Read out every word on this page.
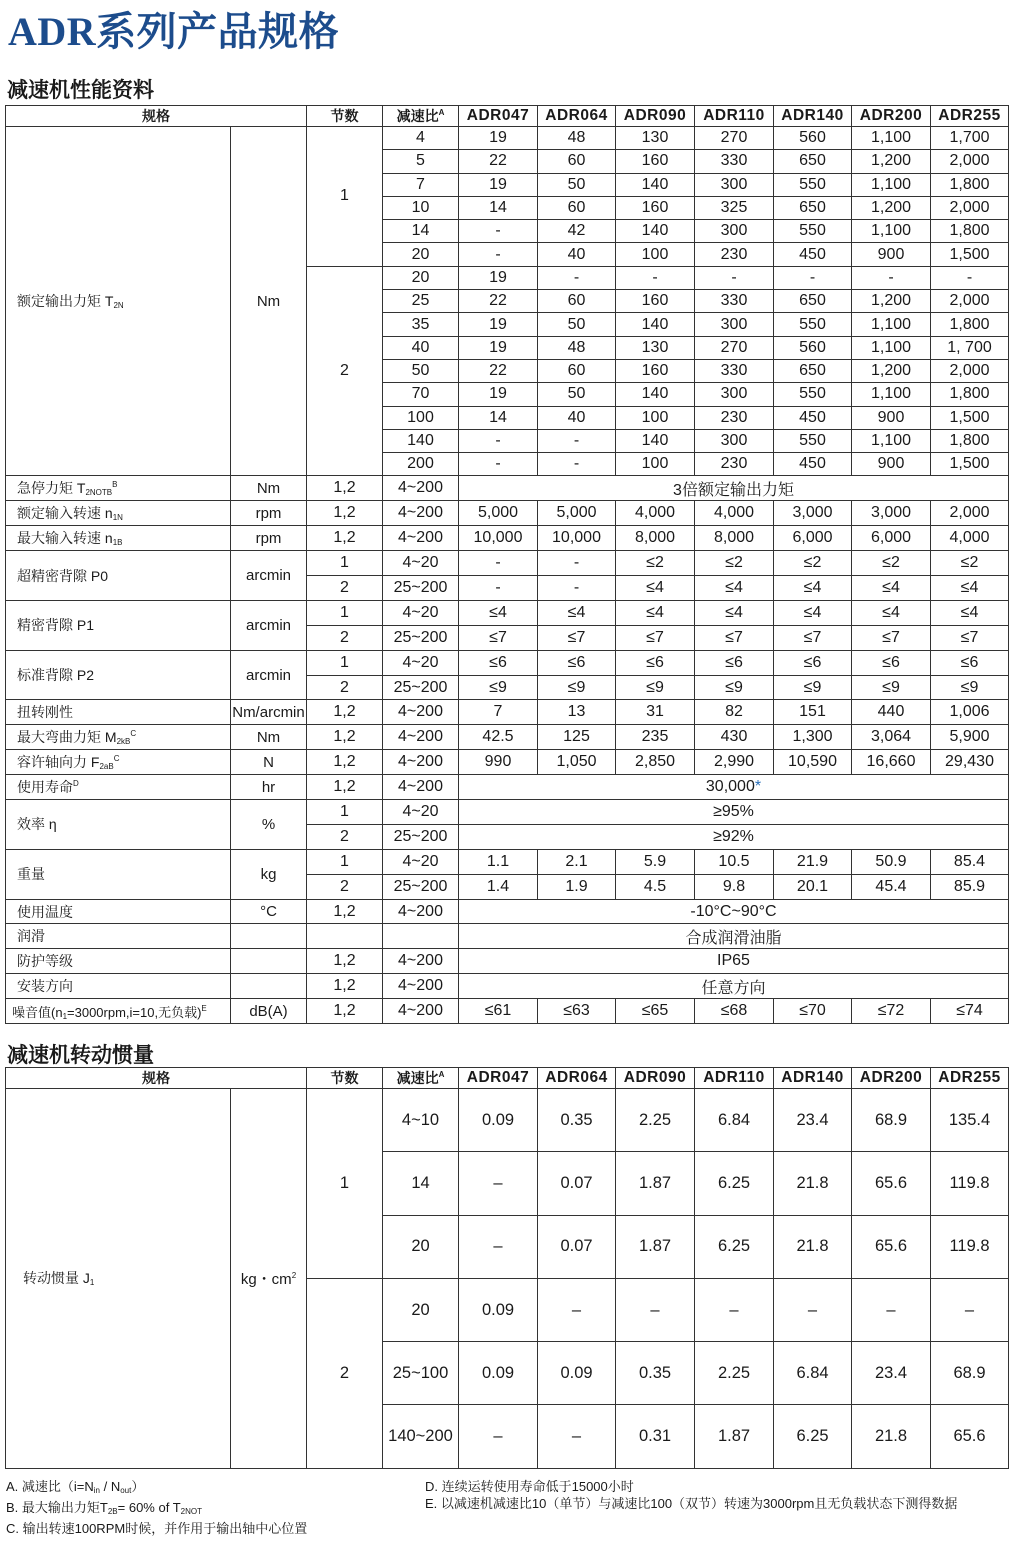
ADR系列产品规格
减速机性能资料
规格		节数	减速比$^A$	ADR047	ADR064	ADR090	ADR110	ADR140	ADR200	ADR255
额定输出力矩 $T_{2N}$	Nm	1	4	19	48	130	270	560	1,100	1,700
			5	22	60	160	330	650	1,200	2,000
			7	19	50	140	300	550	1,100	1,800
			10	14	60	160	325	650	1,200	2,000
			14	-	42	140	300	550	1,100	1,800
			20	-	40	100	230	450	900	1,500
		2	20	19	-	-	-	-	-	-
			25	22	60	160	330	650	1,200	2,000
			35	19	50	140	300	550	1,100	1,800
			40	19	48	130	270	560	1,100	1, 700
			50	22	60	160	330	650	1,200	2,000
			70	19	50	140	300	550	1,100	1,800
			100	14	40	100	230	450	900	1,500
			140	-	-	140	300	550	1,100	1,800
			200	-	-	100	230	450	900	1,500
急停力矩 $T_{2NOTB}^B$	Nm	1,2	4~200	3倍额定输出力矩						
额定输入转速 $n_{1N}$	rpm	1,2	4~200	5,000	5,000	4,000	4,000	3,000	3,000	2,000
最大输入转速 $n_{1B}$	rpm	1,2	4~200	10,000	10,000	8,000	8,000	6,000	6,000	4,000
超精密背隙 P0	arcmin	1	4~20	-	-	≤2	≤2	≤2	≤2	≤2
		2	25~200	-	-	≤4	≤4	≤4	≤4	≤4
精密背隙 P1	arcmin	1	4~20	≤4	≤4	≤4	≤4	≤4	≤4	≤4
		2	25~200	≤7	≤7	≤7	≤7	≤7	≤7	≤7
标准背隙 P2	arcmin	1	4~20	≤6	≤6	≤6	≤6	≤6	≤6	≤6
		2	25~200	≤9	≤9	≤9	≤9	≤9	≤9	≤9
扭转刚性	Nm/arcmin	1,2	4~200	7	13	31	82	151	440	1,006
最大弯曲力矩 $M_{2kB}^C$	Nm	1,2	4~200	42.5	125	235	430	1,300	3,064	5,900
容许轴向力 $F_{2aB}^C$	N	1,2	4~200	990	1,050	2,850	2,990	10,590	16,660	29,430
使用寿命$^D$	hr	1,2	4~200	30,000*						
效率 η	%	1	4~20	≥95%						
		2	25~200	≥92%						
重量	kg	1	4~20	1.1	2.1	5.9	10.5	21.9	50.9	85.4
		2	25~200	1.4	1.9	4.5	9.8	20.1	45.4	85.9
使用温度	°C	1,2	4~200	-10°C~90°C						
润滑				合成润滑油脂						
防护等级		1,2	4~200	IP65						
安装方向		1,2	4~200	任意方向						
噪音值($n_1=3000rpm,i=10$,无负载)$^E$	dB(A)	1,2	4~200	≤61	≤63	≤65	≤68	≤70	≤72	≤74
减速机转动惯量
规格		节数	减速比$^A$	ADR047	ADR064	ADR090	ADR110	ADR140	ADR200	ADR255
转动惯量 $J_1$	kg・$cm^2$	1	4~10	0.09	0.35	2.25	6.84	23.4	68.9	135.4
			14	–	0.07	1.87	6.25	21.8	65.6	119.8
			20	–	0.07	1.87	6.25	21.8	65.6	119.8
		2	20	0.09	–	–	–	–	–	–
			25~100	0.09	0.09	0.35	2.25	6.84	23.4	68.9
			140~200	–	–	0.31	1.87	6.25	21.8	65.6
A. 减速比$(i=N_{in} / N_{out})$
B. 最大输出力矩$T_{2B}= 60\%$ of $T_{2NOT}$
C. 输出转速100RPM时候，并作用于输出轴中心位置
D. 连续运转使用寿命低于15000小时
E. 以减速机减速比10（单节）与减速比100（双节）转速为3000rpm且无负载状态下测得数据
